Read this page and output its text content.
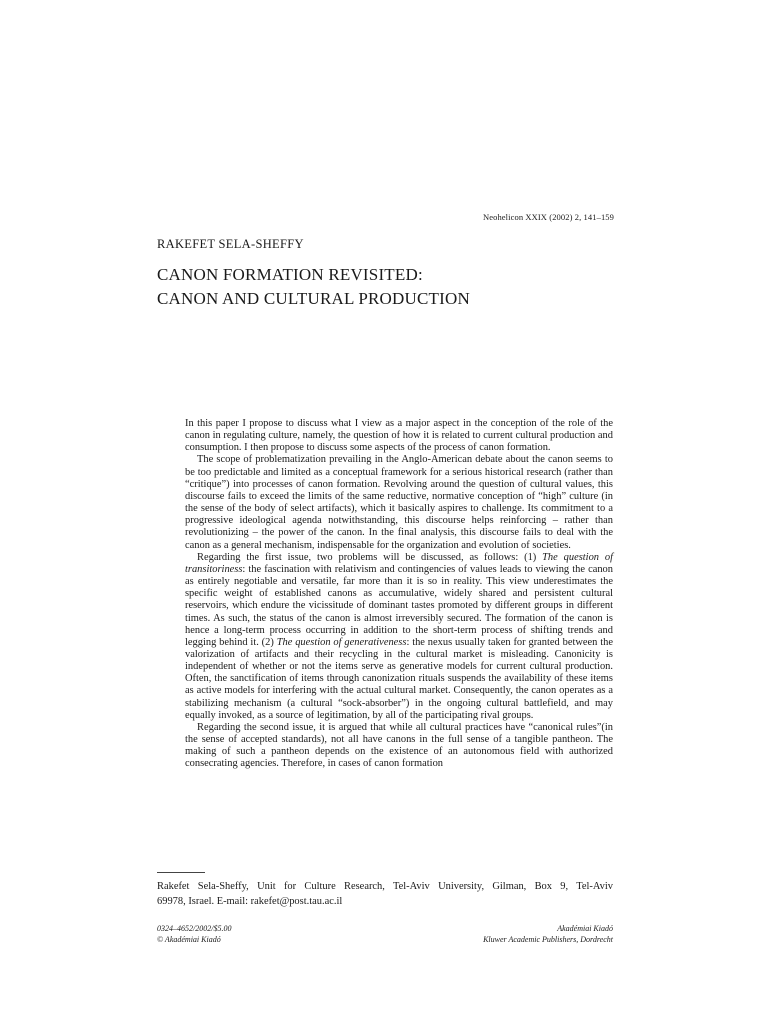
Neohelicon XXIX (2002) 2, 141–159
RAKEFET SELA-SHEFFY
CANON FORMATION REVISITED:
CANON AND CULTURAL PRODUCTION

In this paper I propose to discuss what I view as a major aspect in the conception of the role of the canon in regulating culture, namely, the question of how it is related to current cultural production and consumption. I then propose to discuss some aspects of the process of canon formation.

The scope of problematization prevailing in the Anglo-American debate about the canon seems to be too predictable and limited as a conceptual framework for a serious historical research (rather than “critique”) into processes of canon formation. Revolving around the question of cultural values, this discourse fails to exceed the limits of the same reductive, normative conception of “high” culture (in the sense of the body of select artifacts), which it basically aspires to challenge. Its commitment to a progressive ideological agenda notwithstanding, this discourse helps reinforcing – rather than revolutionizing – the power of the canon. In the final analysis, this discourse fails to deal with the canon as a general mechanism, indispensable for the organization and evolution of societies.

Regarding the first issue, two problems will be discussed, as follows: (1) The question of transitoriness: the fascination with relativism and contingencies of values leads to viewing the canon as entirely negotiable and versatile, far more than it is so in reality. This view underestimates the specific weight of established canons as accumulative, widely shared and persistent cultural reservoirs, which endure the vicissitude of dominant tastes promoted by different groups in different times. As such, the status of the canon is almost irreversibly secured. The formation of the canon is hence a long-term process occurring in addition to the short-term process of shifting trends and legging behind it. (2) The question of generativeness: the nexus usually taken for granted between the valorization of artifacts and their recycling in the cultural market is misleading. Canonicity is independent of whether or not the items serve as generative models for current cultural production. Often, the sanctification of items through canonization rituals suspends the availability of these items as active models for interfering with the actual cultural market. Consequently, the canon operates as a stabilizing mechanism (a cultural “sock-absorber”) in the ongoing cultural battlefield, and may equally invoked, as a source of legitimation, by all of the participating rival groups.

Regarding the second issue, it is argued that while all cultural practices have “canonical rules”(in the sense of accepted standards), not all have canons in the full sense of a tangible pantheon. The making of such a pantheon depends on the existence of an autonomous field with authorized consecrating agencies. Therefore, in cases of canon formation

Rakefet Sela-Sheffy, Unit for Culture Research, Tel-Aviv University, Gilman, Box 9, Tel-Aviv
69978, Israel. E-mail: rakefet@post.tau.ac.il
0324–4652/2002/$5.00
© Akadémiai Kiadó
Akadémiai Kiadó
Kluwer Academic Publishers, Dordrecht
